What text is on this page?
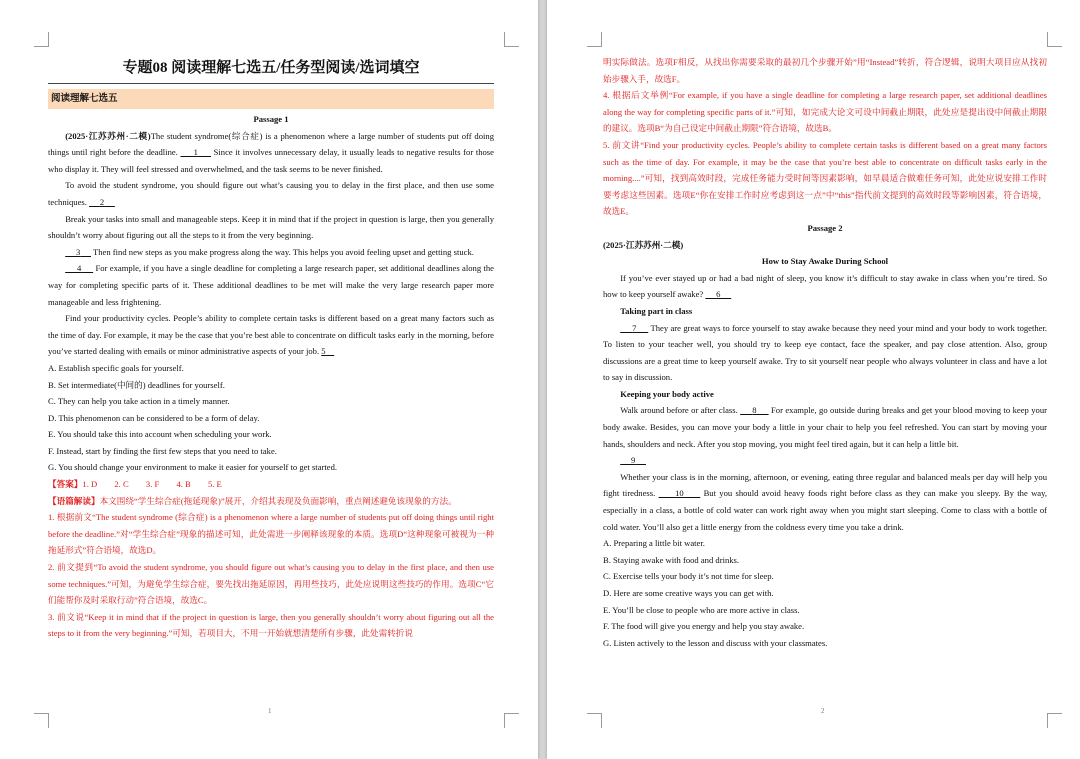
专题08 阅读理解七选五/任务型阅读/选词填空
阅读理解七选五
Passage 1

(2025·江苏苏州·二模)The student syndrome(综合症) is a phenomenon where a large number of students put off doing things until right before the deadline. 1 Since it involves unnecessary delay, it usually leads to negative results for those who display it. They will feel stressed and overwhelmed, and the task seems to be never finished.

To avoid the student syndrome, you should figure out what’s causing you to delay in the first place, and then use some techniques. 2

Break your tasks into small and manageable steps. Keep it in mind that if the project in question is large, then you generally shouldn’t worry about figuring out all the steps to it from the very beginning.

3 Then find new steps as you make progress along the way. This helps you avoid feeling upset and getting stuck.

4 For example, if you have a single deadline for completing a large research paper, set additional deadlines along the way for completing specific parts of it. These additional deadlines to be met will make the very large research paper more manageable and less frightening.

Find your productivity cycles. People’s ability to complete certain tasks is different based on a great many factors such as the time of day. For example, it may be the case that you’re best able to concentrate on difficult tasks early in the morning, before you’ve started dealing with emails or minor administrative aspects of your job. 5

A. Establish specific goals for yourself.

B. Set intermediate(中间的) deadlines for yourself.

C. They can help you take action in a timely manner.

D. This phenomenon can be considered to be a form of delay.

E. You should take this into account when scheduling your work.

F. Instead, start by finding the first few steps that you need to take.

G. You should change your environment to make it easier for yourself to get started.

【答案】1. D　　2. C　　3. F　　4. B　　5. E

【语篇解读】本文围绕“学生综合症(拖延现象)”展开，介绍其表现及负面影响，重点阐述避免该现象的方法。

1. 根据前文“The student syndrome (综合症) is a phenomenon where a large number of students put off doing things until right before the deadline.”对“学生综合症”现象的描述可知，此处需进一步阐释该现象的本质。选项D“这种现象可被视为一种拖延形式”符合语境，故选D。

2. 前文提到“To avoid the student syndrome, you should figure out what’s causing you to delay in the first place, and then use some techniques.”可知，为避免学生综合症，要先找出拖延原因，再用些技巧，此处应说明这些技巧的作用。选项C“它们能帮你及时采取行动”符合语境，故选C。

3. 前文说“Keep it in mind that if the project in question is large, then you generally shouldn’t worry about figuring out all the steps to it from the very beginning.”可知，若项目大，不用一开始就想清楚所有步骤，此处需转折说

1

明实际做法。选项F相反，从找出你需要采取的最初几个步骤开始”用“Instead”转折，符合逻辑，说明大项目应从找初始步骤入手，故选F。

4. 根据后文举例“For example, if you have a single deadline for completing a large research paper, set additional deadlines along the way for completing specific parts of it.”可知，如完成大论文可设中间截止期限，此处应是提出设中间截止期限的建议。选项B“为自己设定中间截止期限”符合语境，故选B。

5. 前文讲“Find your productivity cycles. People’s ability to complete certain tasks is different based on a great many factors such as the time of day. For example, it may be the case that you’re best able to concentrate on difficult tasks early in the morning....”可知，找到高效时段，完成任务能力受时间等因素影响，如早晨适合做难任务可知，此处应说安排工作时要考虑这些因素。选项E“你在安排工作时应考虑到这一点”中“this”指代前文提到的高效时段等影响因素，符合语境，故选E。

Passage 2

(2025·江苏苏州·二模)

How to Stay Awake During School

If you’ve ever stayed up or had a bad night of sleep, you know it’s difficult to stay awake in class when you’re tired. So how to keep yourself awake? 6

Taking part in class

7 They are great ways to force yourself to stay awake because they need your mind and your body to work together. To listen to your teacher well, you should try to keep eye contact, face the speaker, and pay close attention. Also, group discussions are a great time to keep yourself awake. Try to sit yourself near people who always volunteer in class and have a lot to say in discussion.

Keeping your body active

Walk around before or after class. 8 For example, go outside during breaks and get your blood moving to keep your body awake. Besides, you can move your body a little in your chair to help you feel refreshed. You can start by moving your hands, shoulders and neck. After you stop moving, you might feel tired again, but it can help a little bit.

9

Whether your class is in the morning, afternoon, or evening, eating three regular and balanced meals per day will help you fight tiredness. 10 But you should avoid heavy foods right before class as they can make you sleepy. By the way, especially in a class, a bottle of cold water can work right away when you might start sleeping. Come to class with a bottle of cold water. You’ll also get a little energy from the coldness every time you take a drink.

A. Preparing a little bit water.

B. Staying awake with food and drinks.

C. Exercise tells your body it’s not time for sleep.

D. Here are some creative ways you can get with.

E. You’ll be close to people who are more active in class.

F. The food will give you energy and help you stay awake.

G. Listen actively to the lesson and discuss with your classmates.

2
